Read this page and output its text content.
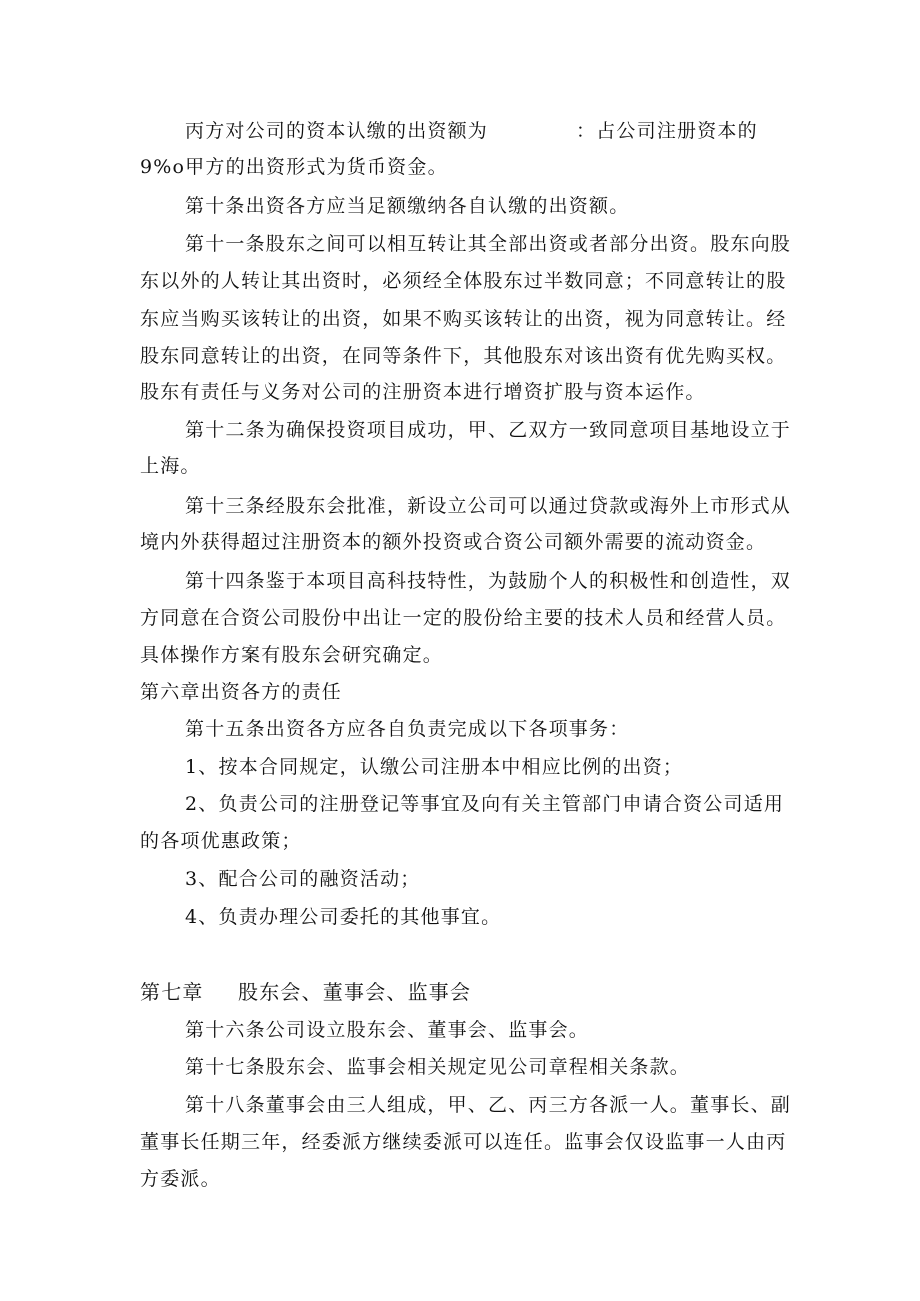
丙方对公司的资本认缴的出资额为	：占公司注册资本的
9%o甲方的出资形式为货币资金。
第十条出资各方应当足额缴纳各自认缴的出资额。
第十一条股东之间可以相互转让其全部出资或者部分出资。股东向股
东以外的人转让其出资时，必须经全体股东过半数同意；不同意转让的股
东应当购买该转让的出资，如果不购买该转让的出资，视为同意转让。经
股东同意转让的出资，在同等条件下，其他股东对该出资有优先购买权。
股东有责任与义务对公司的注册资本进行增资扩股与资本运作。
第十二条为确保投资项目成功，甲、乙双方一致同意项目基地设立于
上海。
第十三条经股东会批准，新设立公司可以通过贷款或海外上市形式从
境内外获得超过注册资本的额外投资或合资公司额外需要的流动资金。
第十四条鉴于本项目高科技特性，为鼓励个人的积极性和创造性，双
方同意在合资公司股份中出让一定的股份给主要的技术人员和经营人员。
具体操作方案有股东会研究确定。
第六章出资各方的责任
第十五条出资各方应各自负责完成以下各项事务：
1、按本合同规定，认缴公司注册本中相应比例的出资；
2、负责公司的注册登记等事宜及向有关主管部门申请合资公司适用
的各项优惠政策；
3、配合公司的融资活动；
4、负责办理公司委托的其他事宜。
第七章 股东会、董事会、监事会
第十六条公司设立股东会、董事会、监事会。
第十七条股东会、监事会相关规定见公司章程相关条款。
第十八条董事会由三人组成，甲、乙、丙三方各派一人。董事长、副
董事长任期三年，经委派方继续委派可以连任。监事会仅设监事一人由丙
方委派。
